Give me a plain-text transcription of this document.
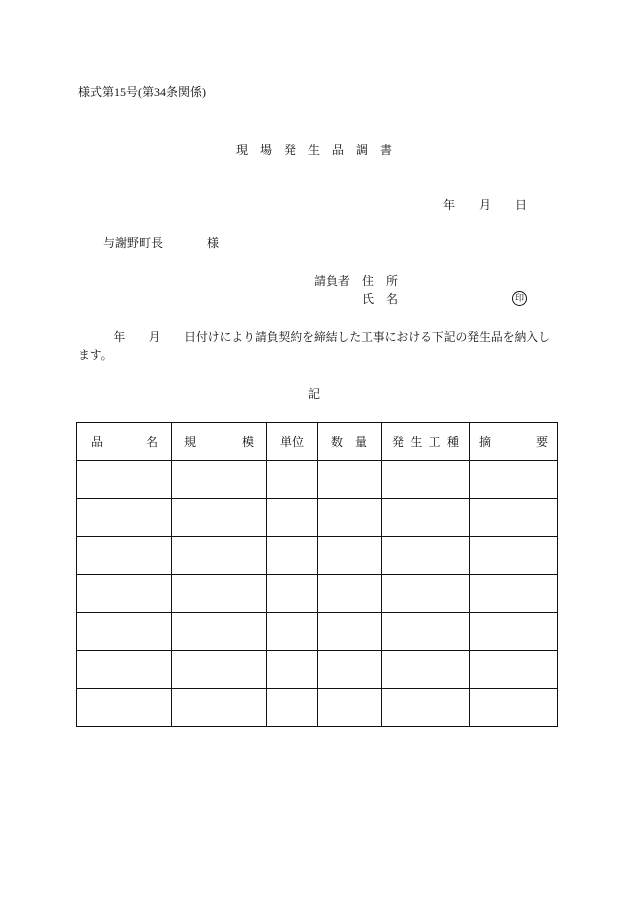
様式第15号(第34条関係)
現　場　発　生　品　調　書
年　　月　　日
与謝野町長	様
請負者 住　所
氏　名	印
　　　年　　月　　日付けにより請負契約を締結した工事における下記の発生品を納入し
ます。
記
品　　　名	規　　　模	単位	数　量	発 生 工 種	摘　　　要
